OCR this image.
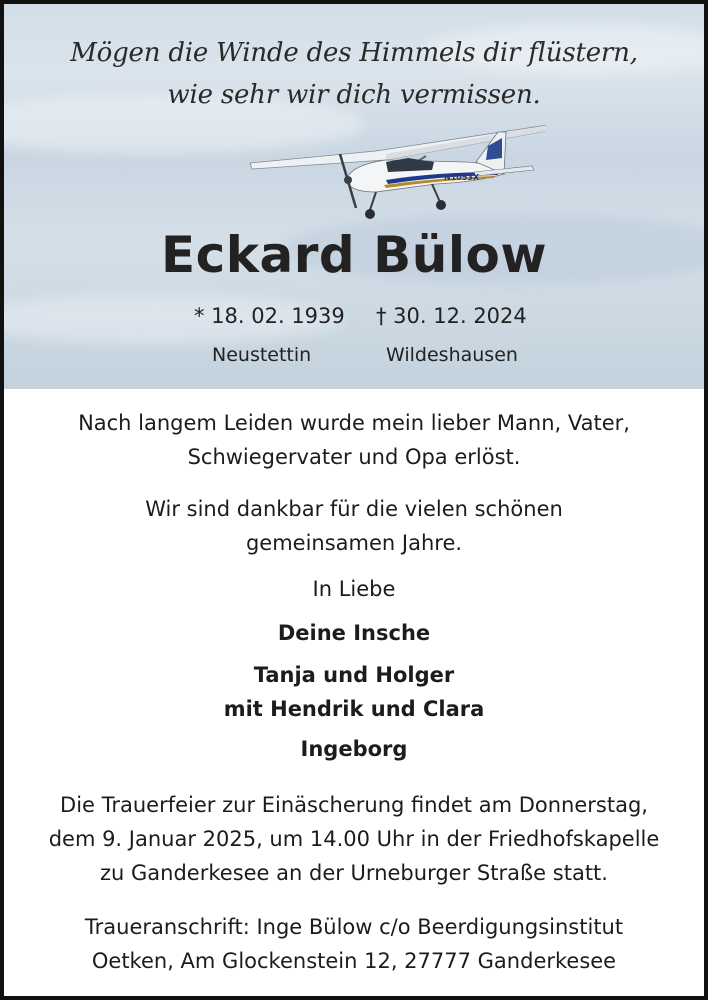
Mögen die Winde des Himmels dir flüstern,
wie sehr wir dich vermissen.
N1053X
Eckard Bülow
* 18. 02. 1939 † 30. 12. 2024
Neustettin	Wildeshausen
Nach langem Leiden wurde mein lieber Mann, Vater,
Schwiegervater und Opa erlöst.
Wir sind dankbar für die vielen schönen
gemeinsamen Jahre.
In Liebe
Deine Insche
Tanja und Holger
mit Hendrik und Clara
Ingeborg
Die Trauerfeier zur Einäscherung findet am Donnerstag,
dem 9. Januar 2025, um 14.00 Uhr in der Friedhofskapelle
zu Ganderkesee an der Urneburger Straße statt.
Traueranschrift: Inge Bülow c/o Beerdigungsinstitut
Oetken, Am Glockenstein 12, 27777 Ganderkesee
